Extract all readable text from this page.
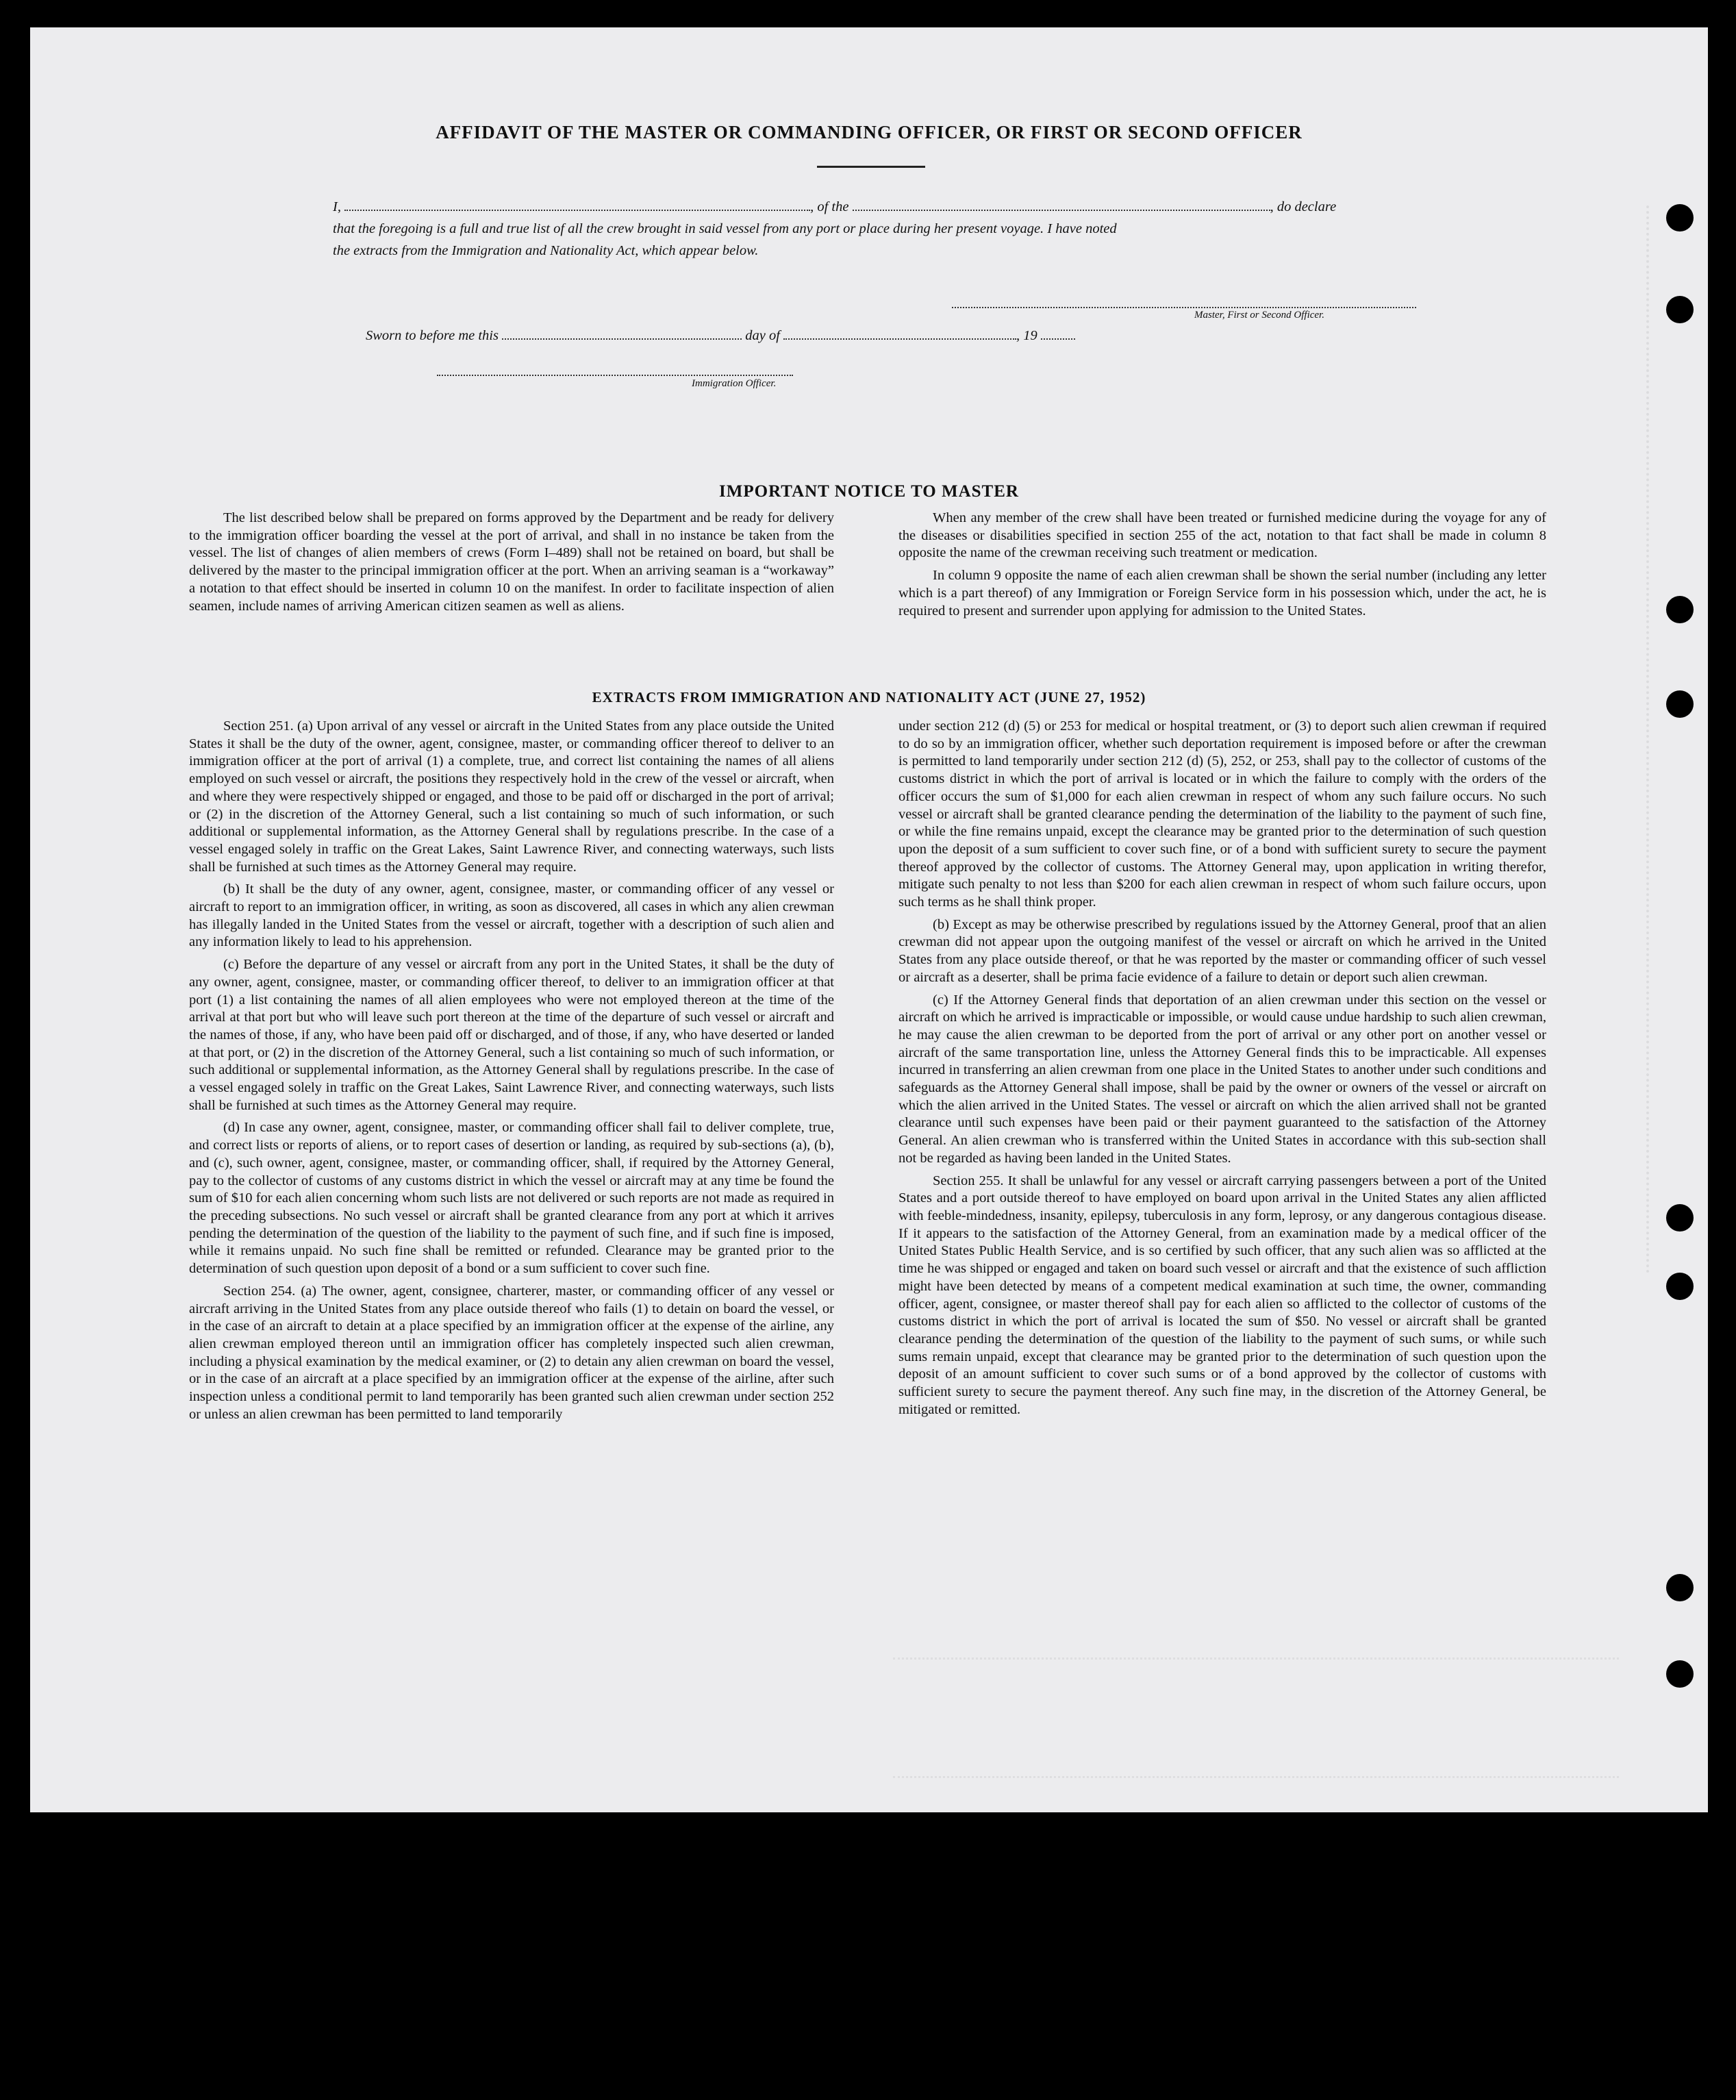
AFFIDAVIT OF THE MASTER OR COMMANDING OFFICER, OR FIRST OR SECOND OFFICER
I,	, of the	, do declare
that the foregoing is a full and true list of all the crew brought in said vessel from any port or place during her present voyage. I have noted
the extracts from the Immigration and Nationality Act, which appear below.
Master, First or Second Officer.
Sworn to before me this	day of	, 19
Immigration Officer.
IMPORTANT NOTICE TO MASTER

The list described below shall be prepared on forms approved by the Department and be ready for delivery to the immigration officer boarding the vessel at the port of arrival, and shall in no instance be taken from the vessel. The list of changes of alien members of crews (Form I–489) shall not be retained on board, but shall be delivered by the master to the principal immigration officer at the port. When an arriving seaman is a “workaway” a notation to that effect should be inserted in column 10 on the manifest. In order to facilitate inspection of alien seamen, include names of arriving American citizen seamen as well as aliens.

When any member of the crew shall have been treated or furnished medicine during the voyage for any of the diseases or disabilities specified in section 255 of the act, notation to that fact shall be made in column 8 opposite the name of the crewman receiving such treatment or medication.

In column 9 opposite the name of each alien crewman shall be shown the serial number (including any letter which is a part thereof) of any Immigration or Foreign Service form in his possession which, under the act, he is required to present and surrender upon applying for admission to the United States.

EXTRACTS FROM IMMIGRATION AND NATIONALITY ACT (JUNE 27, 1952)

Section 251. (a) Upon arrival of any vessel or aircraft in the United States from any place outside the United States it shall be the duty of the owner, agent, consignee, master, or commanding officer thereof to deliver to an immigration officer at the port of arrival (1) a complete, true, and correct list containing the names of all aliens employed on such vessel or aircraft, the positions they respectively hold in the crew of the vessel or aircraft, when and where they were respectively shipped or engaged, and those to be paid off or discharged in the port of arrival; or (2) in the discretion of the Attorney General, such a list containing so much of such information, or such additional or supplemental information, as the Attorney General shall by regulations prescribe. In the case of a vessel engaged solely in traffic on the Great Lakes, Saint Lawrence River, and connecting waterways, such lists shall be furnished at such times as the Attorney General may require.

(b) It shall be the duty of any owner, agent, consignee, master, or commanding officer of any vessel or aircraft to report to an immigration officer, in writing, as soon as discovered, all cases in which any alien crewman has illegally landed in the United States from the vessel or aircraft, together with a description of such alien and any information likely to lead to his apprehension.

(c) Before the departure of any vessel or aircraft from any port in the United States, it shall be the duty of any owner, agent, consignee, master, or commanding officer thereof, to deliver to an immigration officer at that port (1) a list containing the names of all alien employees who were not employed thereon at the time of the arrival at that port but who will leave such port thereon at the time of the departure of such vessel or aircraft and the names of those, if any, who have been paid off or discharged, and of those, if any, who have deserted or landed at that port, or (2) in the discretion of the Attorney General, such a list containing so much of such information, or such additional or supplemental information, as the Attorney General shall by regulations prescribe. In the case of a vessel engaged solely in traffic on the Great Lakes, Saint Lawrence River, and connecting waterways, such lists shall be furnished at such times as the Attorney General may require.

(d) In case any owner, agent, consignee, master, or commanding officer shall fail to deliver complete, true, and correct lists or reports of aliens, or to report cases of desertion or landing, as required by sub-sections (a), (b), and (c), such owner, agent, consignee, master, or commanding officer, shall, if required by the Attorney General, pay to the collector of customs of any customs district in which the vessel or aircraft may at any time be found the sum of $10 for each alien concerning whom such lists are not delivered or such reports are not made as required in the preceding subsections. No such vessel or aircraft shall be granted clearance from any port at which it arrives pending the determination of the question of the liability to the payment of such fine, and if such fine is imposed, while it remains unpaid. No such fine shall be remitted or refunded. Clearance may be granted prior to the determination of such question upon deposit of a bond or a sum sufficient to cover such fine.

Section 254. (a) The owner, agent, consignee, charterer, master, or commanding officer of any vessel or aircraft arriving in the United States from any place outside thereof who fails (1) to detain on board the vessel, or in the case of an aircraft to detain at a place specified by an immigration officer at the expense of the airline, any alien crewman employed thereon until an immigration officer has completely inspected such alien crewman, including a physical examination by the medical examiner, or (2) to detain any alien crewman on board the vessel, or in the case of an aircraft at a place specified by an immigration officer at the expense of the airline, after such inspection unless a conditional permit to land temporarily has been granted such alien crewman under section 252 or unless an alien crewman has been permitted to land temporarily

under section 212 (d) (5) or 253 for medical or hospital treatment, or (3) to deport such alien crewman if required to do so by an immigration officer, whether such deportation requirement is imposed before or after the crewman is permitted to land temporarily under section 212 (d) (5), 252, or 253, shall pay to the collector of customs of the customs district in which the port of arrival is located or in which the failure to comply with the orders of the officer occurs the sum of $1,000 for each alien crewman in respect of whom any such failure occurs. No such vessel or aircraft shall be granted clearance pending the determination of the liability to the payment of such fine, or while the fine remains unpaid, except the clearance may be granted prior to the determination of such question upon the deposit of a sum sufficient to cover such fine, or of a bond with sufficient surety to secure the payment thereof approved by the collector of customs. The Attorney General may, upon application in writing therefor, mitigate such penalty to not less than $200 for each alien crewman in respect of whom such failure occurs, upon such terms as he shall think proper.

(b) Except as may be otherwise prescribed by regulations issued by the Attorney General, proof that an alien crewman did not appear upon the outgoing manifest of the vessel or aircraft on which he arrived in the United States from any place outside thereof, or that he was reported by the master or commanding officer of such vessel or aircraft as a deserter, shall be prima facie evidence of a failure to detain or deport such alien crewman.

(c) If the Attorney General finds that deportation of an alien crewman under this section on the vessel or aircraft on which he arrived is impracticable or impossible, or would cause undue hardship to such alien crewman, he may cause the alien crewman to be deported from the port of arrival or any other port on another vessel or aircraft of the same transportation line, unless the Attorney General finds this to be impracticable. All expenses incurred in transferring an alien crewman from one place in the United States to another under such conditions and safeguards as the Attorney General shall impose, shall be paid by the owner or owners of the vessel or aircraft on which the alien arrived in the United States. The vessel or aircraft on which the alien arrived shall not be granted clearance until such expenses have been paid or their payment guaranteed to the satisfaction of the Attorney General. An alien crewman who is transferred within the United States in accordance with this sub-section shall not be regarded as having been landed in the United States.

Section 255. It shall be unlawful for any vessel or aircraft carrying passengers between a port of the United States and a port outside thereof to have employed on board upon arrival in the United States any alien afflicted with feeble-mindedness, insanity, epilepsy, tuberculosis in any form, leprosy, or any dangerous contagious disease. If it appears to the satisfaction of the Attorney General, from an examination made by a medical officer of the United States Public Health Service, and is so certified by such officer, that any such alien was so afflicted at the time he was shipped or engaged and taken on board such vessel or aircraft and that the existence of such affliction might have been detected by means of a competent medical examination at such time, the owner, commanding officer, agent, consignee, or master thereof shall pay for each alien so afflicted to the collector of customs of the customs district in which the port of arrival is located the sum of $50. No vessel or aircraft shall be granted clearance pending the determination of the question of the liability to the payment of such sums, or while such sums remain unpaid, except that clearance may be granted prior to the determination of such question upon the deposit of an amount sufficient to cover such sums or of a bond approved by the collector of customs with sufficient surety to secure the payment thereof. Any such fine may, in the discretion of the Attorney General, be mitigated or remitted.
